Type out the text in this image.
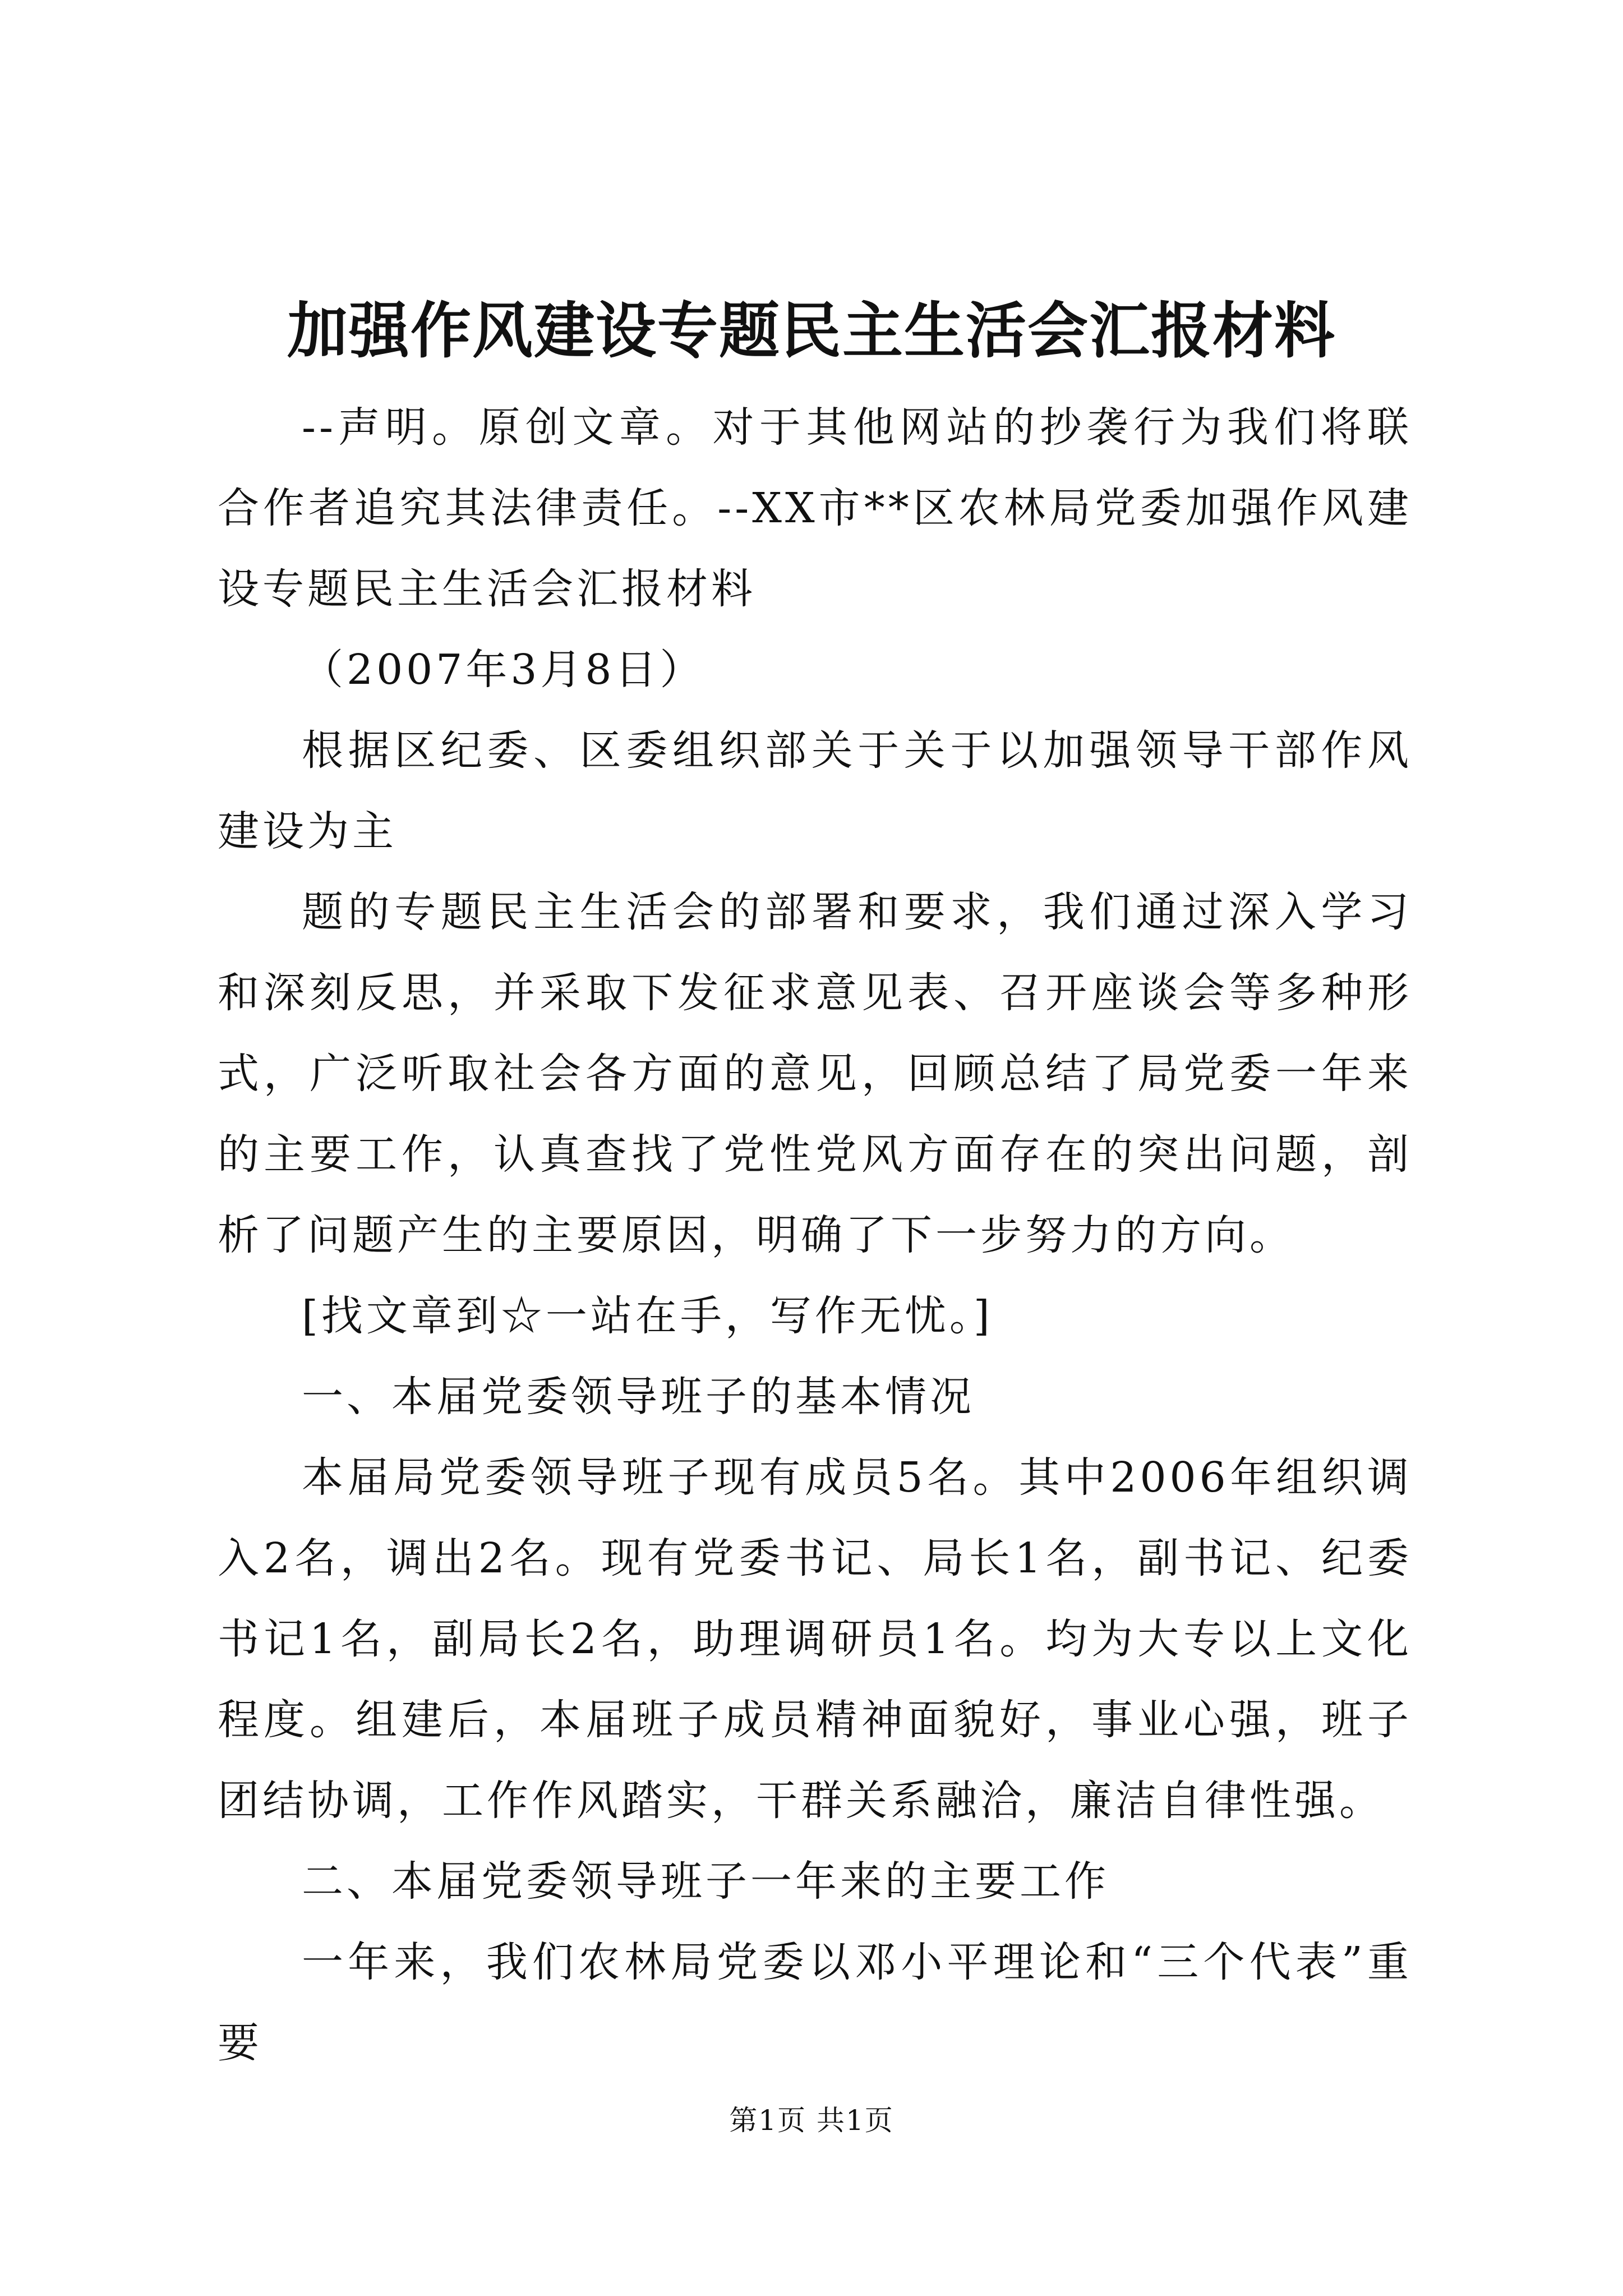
加强作风建设专题民主生活会汇报材料

--声明。原创文章。对于其他网站的抄袭行为我们将联合作者追究其法律责任。--XX市**区农林局党委加强作风建设专题民主生活会汇报材料

（2007年3月8日）

根据区纪委、区委组织部关于关于以加强领导干部作风建设为主

题的专题民主生活会的部署和要求，我们通过深入学习和深刻反思，并采取下发征求意见表、召开座谈会等多种形式，广泛听取社会各方面的意见，回顾总结了局党委一年来的主要工作，认真查找了党性党风方面存在的突出问题，剖析了问题产生的主要原因，明确了下一步努力的方向。

[找文章到☆一站在手，写作无忧。]

一、本届党委领导班子的基本情况

本届局党委领导班子现有成员5名。其中2006年组织调入2名，调出2名。现有党委书记、局长1名，副书记、纪委书记1名，副局长2名，助理调研员1名。均为大专以上文化程度。组建后，本届班子成员精神面貌好，事业心强，班子团结协调，工作作风踏实，干群关系融洽，廉洁自律性强。

二、本届党委领导班子一年来的主要工作

一年来，我们农林局党委以邓小平理论和“三个代表”重要

第1页 共1页
